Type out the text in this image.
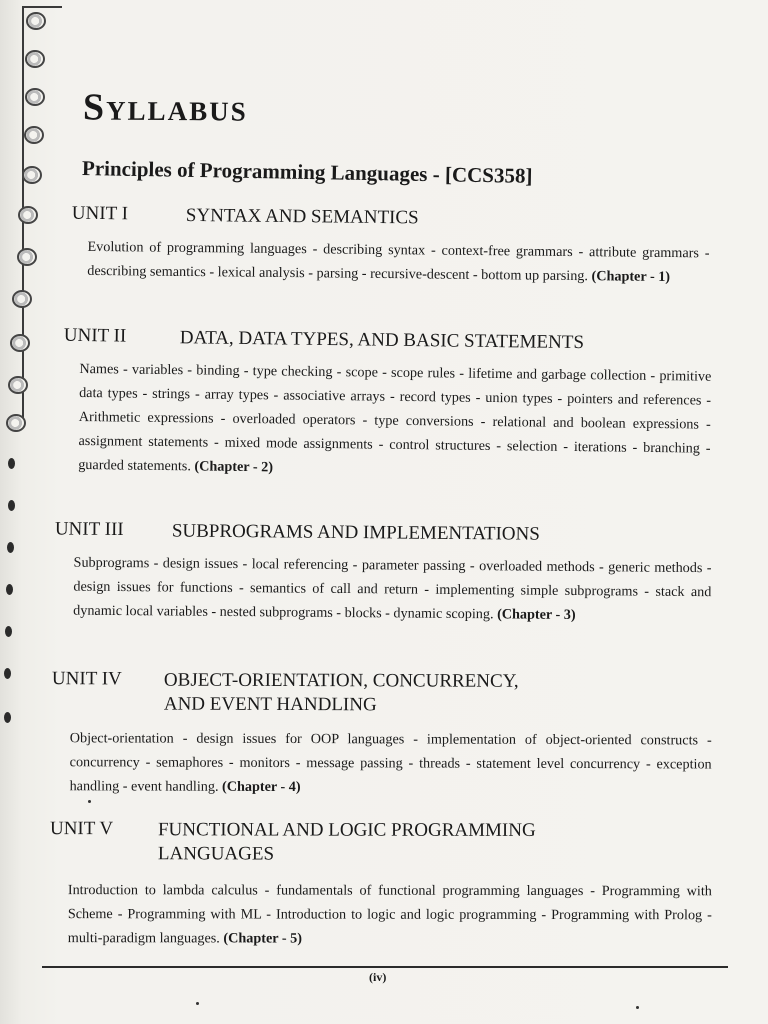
Syllabus
Principles of Programming Languages - [CCS358]
UNIT I	SYNTAX AND SEMANTICS
Evolution of programming languages - describing syntax - context-free grammars - attribute grammars - describing semantics - lexical analysis - parsing - recursive-descent - bottom up parsing. (Chapter - 1)
UNIT II	DATA, DATA TYPES, AND BASIC STATEMENTS
Names - variables - binding - type checking - scope - scope rules - lifetime and garbage collection - primitive data types - strings - array types - associative arrays - record types - union types - pointers and references - Arithmetic expressions - overloaded operators - type conversions - relational and boolean expressions - assignment statements - mixed mode assignments - control structures - selection - iterations - branching - guarded statements. (Chapter - 2)
UNIT III	SUBPROGRAMS AND IMPLEMENTATIONS
Subprograms - design issues - local referencing - parameter passing - overloaded methods - generic methods - design issues for functions - semantics of call and return - implementing simple subprograms - stack and dynamic local variables - nested subprograms - blocks - dynamic scoping. (Chapter - 3)
UNIT IV OBJECT-ORIENTATION, CONCURRENCY,
AND EVENT HANDLING
Object-orientation - design issues for OOP languages - implementation of object-oriented constructs - concurrency - semaphores - monitors - message passing - threads - statement level concurrency - exception handling - event handling. (Chapter - 4)
UNIT V FUNCTIONAL AND LOGIC PROGRAMMING
LANGUAGES
Introduction to lambda calculus - fundamentals of functional programming languages - Programming with Scheme - Programming with ML - Introduction to logic and logic programming - Programming with Prolog - multi-paradigm languages. (Chapter - 5)
(iv)
